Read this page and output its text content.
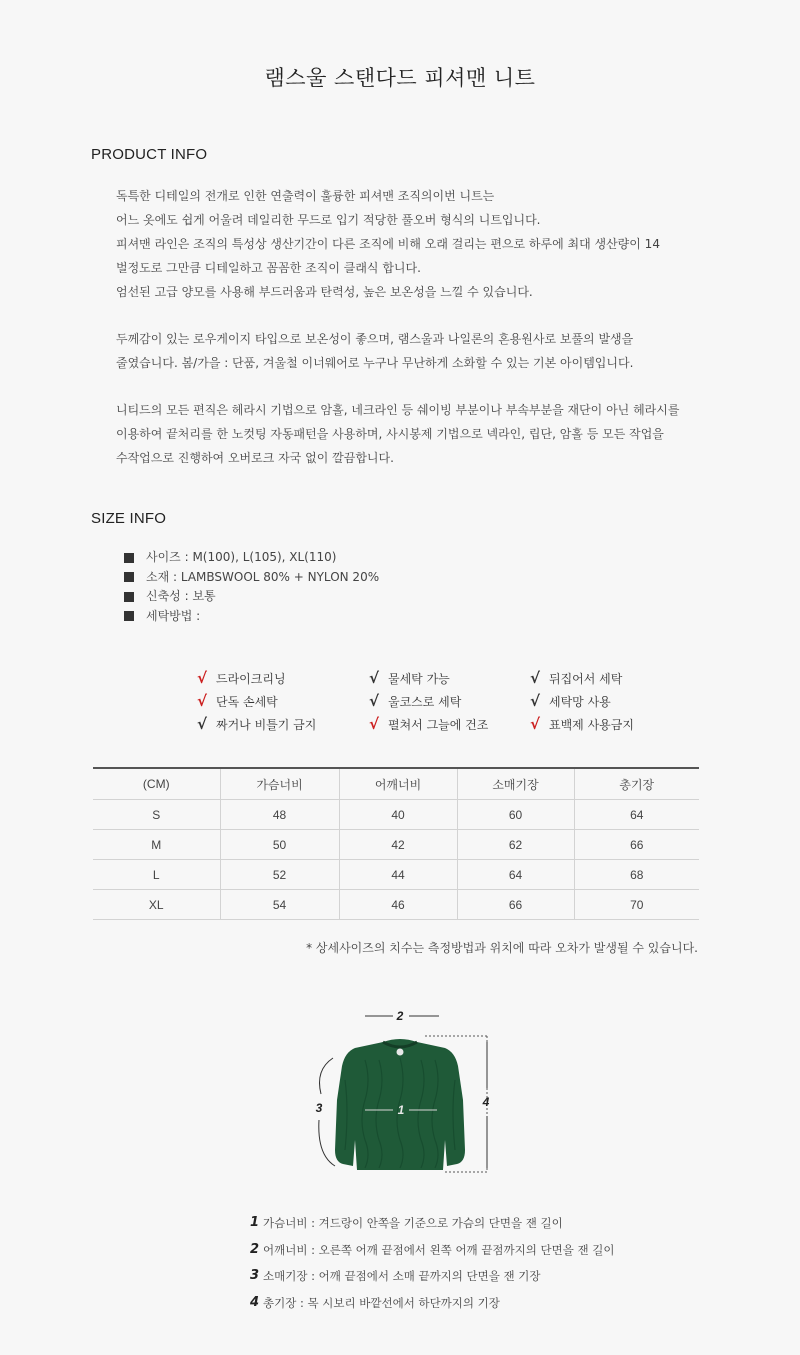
램스울 스탠다드 피셔맨 니트
PRODUCT INFO
독특한 디테일의 전개로 인한 연출력이 훌륭한 피셔맨 조직의이번 니트는
어느 옷에도 쉽게 어울려 데일리한 무드로 입기 적당한 풀오버 형식의 니트입니다.
피셔맨 라인은 조직의 특성상 생산기간이 다른 조직에 비해 오래 걸리는 편으로 하루에 최대 생산량이 14
벌정도로 그만큼 디테일하고 꼼꼼한 조직이 클래식 합니다.
엄선된 고급 양모를 사용해 부드러움과 탄력성, 높은 보온성을 느낄 수 있습니다.
두께감이 있는 로우게이지 타입으로 보온성이 좋으며, 램스울과 나일론의 혼용원사로 보풀의 발생을
줄였습니다. 봄/가을 : 단품, 겨울철 이너웨어로 누구나 무난하게 소화할 수 있는 기본 아이템입니다.
니티드의 모든 편직은 헤라시 기법으로 암홀, 네크라인 등 쉐이빙 부분이나 부속부분을 재단이 아닌 헤라시를
이용하여 끝처리를 한 노컷팅 자동패턴을 사용하며, 사시봉제 기법으로 넥라인, 립단, 암홀 등 모든 작업을
수작업으로 진행하여 오버로크 자국 없이 깔끔합니다.
SIZE INFO
사이즈 : M(100), L(105), XL(110)
소재 : LAMBSWOOL 80% + NYLON 20%
신축성 : 보통
세탁방법 :
√ 드라이크리닝
√ 단독 손세탁
√ 짜거나 비틀기 금지
√ 물세탁 가능
√ 울코스로 세탁
√ 펼쳐서 그늘에 건조
√ 뒤집어서 세탁
√ 세탁망 사용
√ 표백제 사용금지
(CM)	가슴너비	어깨너비	소매기장	총기장
S	48	40	60	64
M	50	42	62	66
L	52	44	64	68
XL	54	46	66	70
* 상세사이즈의 치수는 측정방법과 위치에 따라 오차가 발생될 수 있습니다.
2
4
3	1
1 가슴너비 : 겨드랑이 안쪽을 기준으로 가슴의 단면을 잰 길이
2 어깨너비 : 오른쪽 어깨 끝점에서 왼쪽 어깨 끝점까지의 단면을 잰 길이
3 소매기장 : 어깨 끝점에서 소매 끝까지의 단면을 잰 기장
4 총기장 : 목 시보리 바깥선에서 하단까지의 기장
